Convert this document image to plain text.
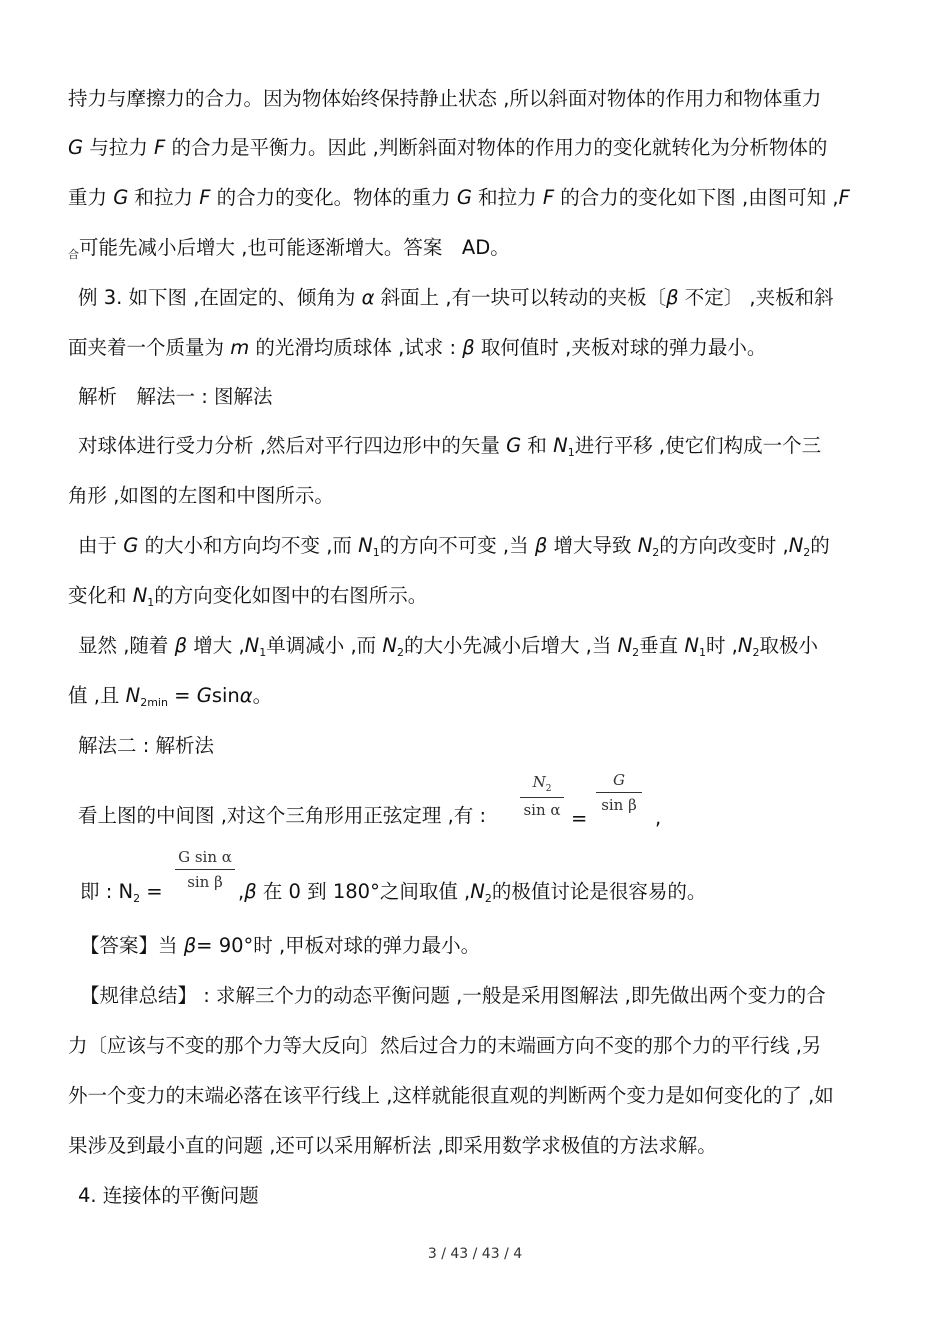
持力与摩擦力的合力。因为物体始终保持静止状态 ,所以斜面对物体的作用力和物体重力
G 与拉力 F 的合力是平衡力。因此 ,判断斜面对物体的作用力的变化就转化为分析物体的
重力 G 和拉力 F 的合力的变化。物体的重力 G 和拉力 F 的合力的变化如下图 ,由图可知 ,F
$_合$可能先减小后增大 ,也可能逐渐增大。答案　AD。
例 3. 如下图 ,在固定的、倾角为 α 斜面上 ,有一块可以转动的夹板〔β 不定〕 ,夹板和斜
面夹着一个质量为 m 的光滑均质球体 ,试求 : β 取何值时 ,夹板对球的弹力最小。
解析　解法一 : 图解法
对球体进行受力分析 ,然后对平行四边形中的矢量 G 和 $N_1$进行平移 ,使它们构成一个三
角形 ,如图的左图和中图所示。
由于 G 的大小和方向均不变 ,而 $N_1$的方向不可变 ,当 β 增大导致 $N_2$的方向改变时 $,N_2$的
变化和 $N_1$的方向变化如图中的右图所示。
显然 ,随着 β 增大 $,N_1$单调减小 ,而 $N_2$的大小先减小后增大 ,当 $N_2$垂直 $N_1$时 $,N_2$取极小
值 ,且 $N_{2min} = Gsin\alpha$。
解法二 : 解析法
看上图的中间图 ,对这个三角形用正弦定理 ,有 : $\frac{N_2}{\text{sin α}}$ =
$\frac{G}{\text{sin β}}$
,
即 : $N_2$ =
$\frac{\text{G sin α}}{\text{sin β}}$
,β 在 0 到 180°之间取值 $,N_2$的极值讨论是很容易的。
【答案】当 β= 90°时 ,甲板对球的弹力最小。
【规律总结】 : 求解三个力的动态平衡问题 ,一般是采用图解法 ,即先做出两个变力的合
力〔应该与不变的那个力等大反向〕然后过合力的末端画方向不变的那个力的平行线 ,另
外一个变力的末端必落在该平行线上 ,这样就能很直观的判断两个变力是如何变化的了 ,如
果涉及到最小直的问题 ,还可以采用解析法 ,即采用数学求极值的方法求解。
4. 连接体的平衡问题
3 / 43 / 43 / 4
